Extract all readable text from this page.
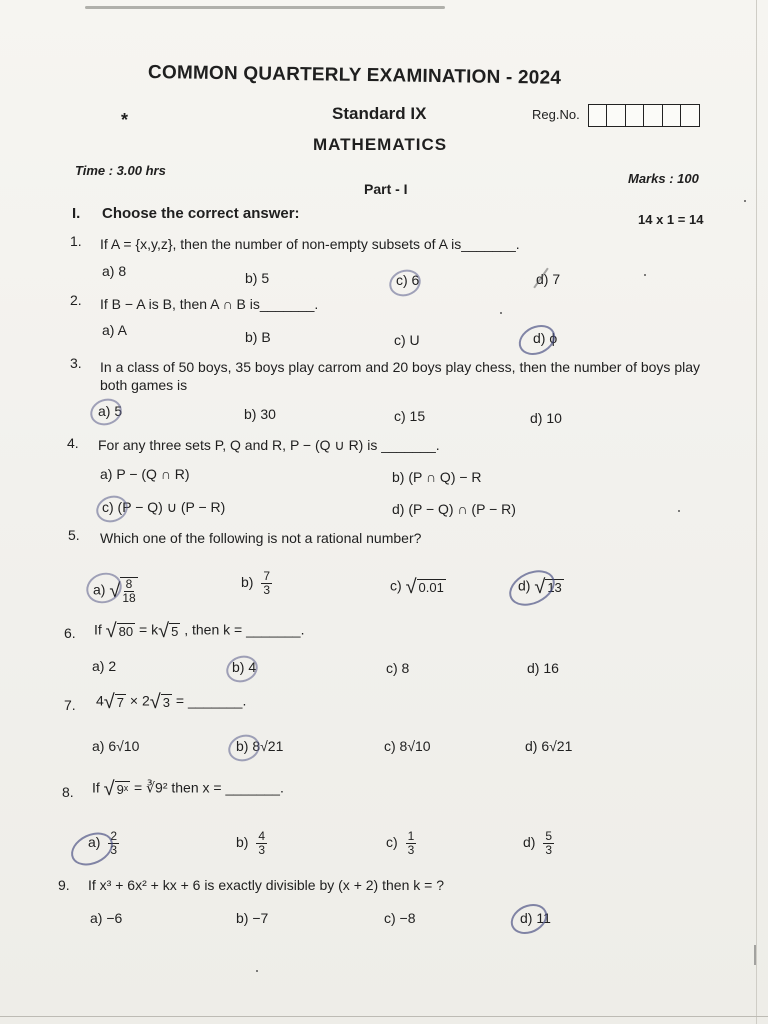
COMMON QUARTERLY EXAMINATION - 2024
*	Standard IX	Reg.No.
MATHEMATICS
Time : 3.00 hrs
Marks : 100
Part - I
I. Choose the correct answer:	14 x 1 = 14
1. If A = {x,y,z}, then the number of non-empty subsets of A is_______.
a) 8	b) 5	c) 6	d) 7
2. If B − A is B, then A ∩ B is_______.
a) A	b) B	c) U	d) ϕ
3. In a class of 50 boys, 35 boys play carrom and 20 boys play chess, then the number of boys play both games is
a) 5	b) 30	c) 15	d) 10
4. For any three sets P, Q and R, P − (Q ∪ R) is _______.
a) P − (Q ∩ R)	b) (P ∩ Q) − R
c) (P − Q) ∪ (P − R)	d) (P − Q) ∩ (P − R)
5. Which one of the following is not a rational number?
a) √ $\frac{8}{18}$	$b) \frac{7}{3}$	c) √ 0.01	d) √ 13
6. If √ 80 = k √ 5 , then k = _______.
a) 2	b) 4	c) 8	d) 16
7. 4 √ 7 × 2 √ 3 = _______.
a) 6√10	b) 8√21	c) 8√10	d) 6√21
8. If √ 9ˣ = ∛9² then x = _______.
$a) \frac{2}{3}$	$b) \frac{4}{3}$	$c) \frac{1}{3}$	$d) \frac{5}{3}$
9. If x³ + 6x² + kx + 6 is exactly divisible by (x + 2) then k = ?
a) −6	b) −7	c) −8	d) 11
